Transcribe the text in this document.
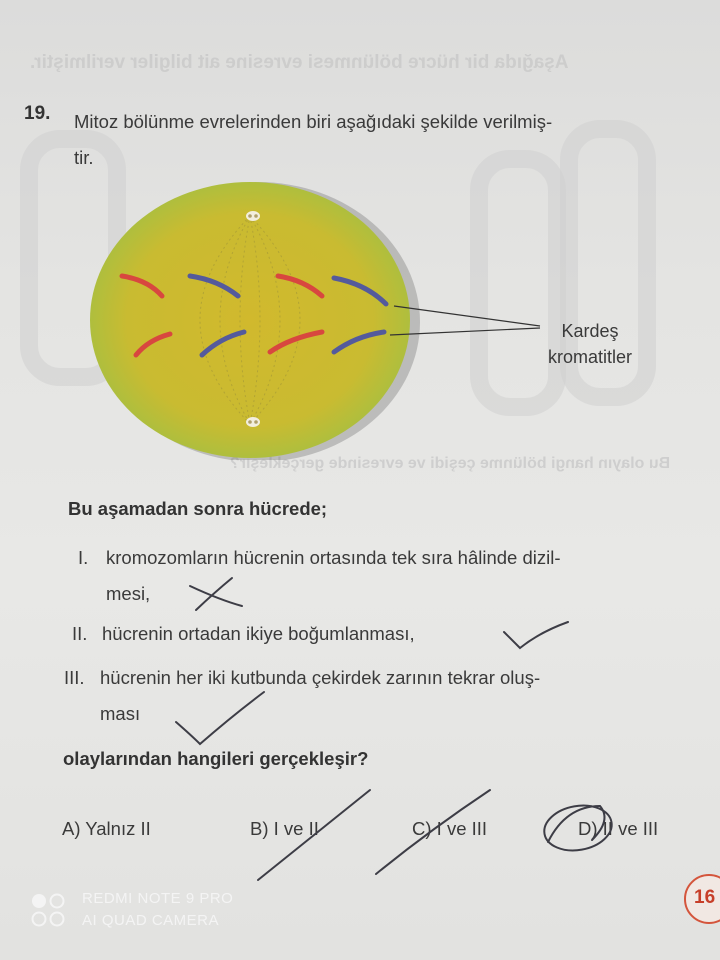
Aşağıda bir hücre bölünmesi evresine ait bilgiler verilmiştir.
Bu olayın hangi bölünme çeşidi ve evresinde gerçekleşir?
19. Mitoz bölünme evrelerinden biri aşağıdaki şekilde verilmiş-
tir.
Kardeş
kromatitler
Bu aşamadan sonra hücrede;
I. kromozomların hücrenin ortasında tek sıra hâlinde dizil-
mesi,
II. hücrenin ortadan ikiye boğumlanması,
III. hücrenin her iki kutbunda çekirdek zarının tekrar oluş-
ması
olaylarından hangileri gerçekleşir?
A) Yalnız II	B) I ve II	C) I ve III	D) II ve III
REDMI NOTE 9 PRO
AI QUAD CAMERA
16
